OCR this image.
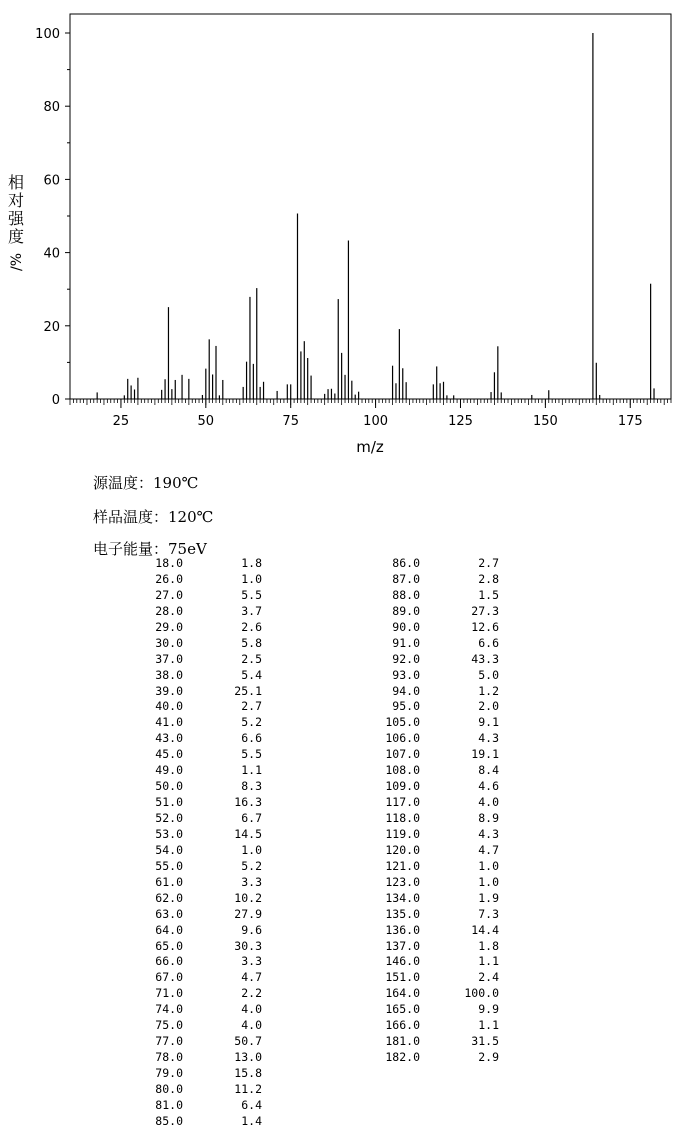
0
20
40
60
80
100
25	50	75	100	125	150	175
m/z
相
对
强
度
/%
源温度：190℃
样品温度：120℃
电子能量：75eV
18.0	1.8
26.0	1.0
27.0	5.5
28.0	3.7
29.0	2.6
30.0	5.8
37.0	2.5
38.0	5.4
39.0	25.1
40.0	2.7
41.0	5.2
43.0	6.6
45.0	5.5
49.0	1.1
50.0	8.3
51.0	16.3
52.0	6.7
53.0	14.5
54.0	1.0
55.0	5.2
61.0	3.3
62.0	10.2
63.0	27.9
64.0	9.6
65.0	30.3
66.0	3.3
67.0	4.7
71.0	2.2
74.0	4.0
75.0	4.0
77.0	50.7
78.0	13.0
79.0	15.8
80.0	11.2
81.0	6.4
85.0	1.4
86.0	2.7
87.0	2.8
88.0	1.5
89.0	27.3
90.0	12.6
91.0	6.6
92.0	43.3
93.0	5.0
94.0	1.2
95.0	2.0
105.0	9.1
106.0	4.3
107.0	19.1
108.0	8.4
109.0	4.6
117.0	4.0
118.0	8.9
119.0	4.3
120.0	4.7
121.0	1.0
123.0	1.0
134.0	1.9
135.0	7.3
136.0	14.4
137.0	1.8
146.0	1.1
151.0	2.4
164.0	100.0
165.0	9.9
166.0	1.1
181.0	31.5
182.0	2.9
